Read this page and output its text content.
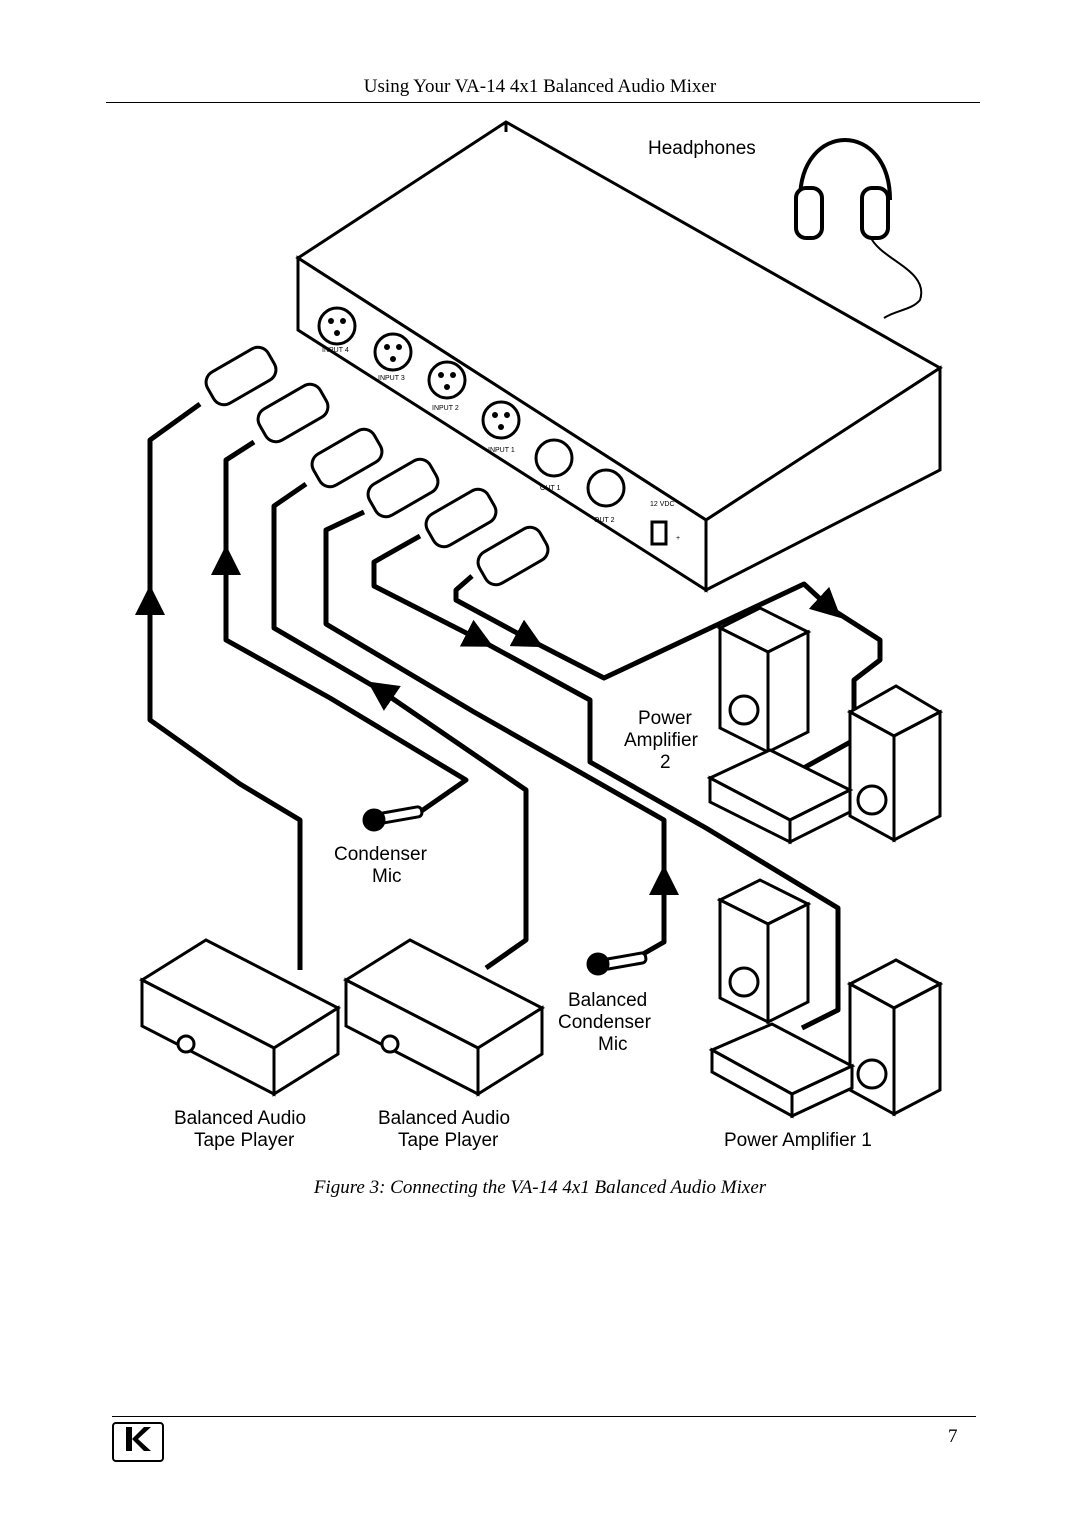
Using Your VA-14 4x1 Balanced Audio Mixer
INPUT 4
INPUT 3
INPUT 2
INPUT 1
OUT 1
OUT 2
12 VDC
+
Headphones
Condenser
Mic
Balanced
Condenser
Mic
Balanced Audio
Tape Player
Balanced Audio
Tape Player
Power
Amplifier
2
Power Amplifier 1
Figure 3: Connecting the VA-14 4x1 Balanced Audio Mixer
7
